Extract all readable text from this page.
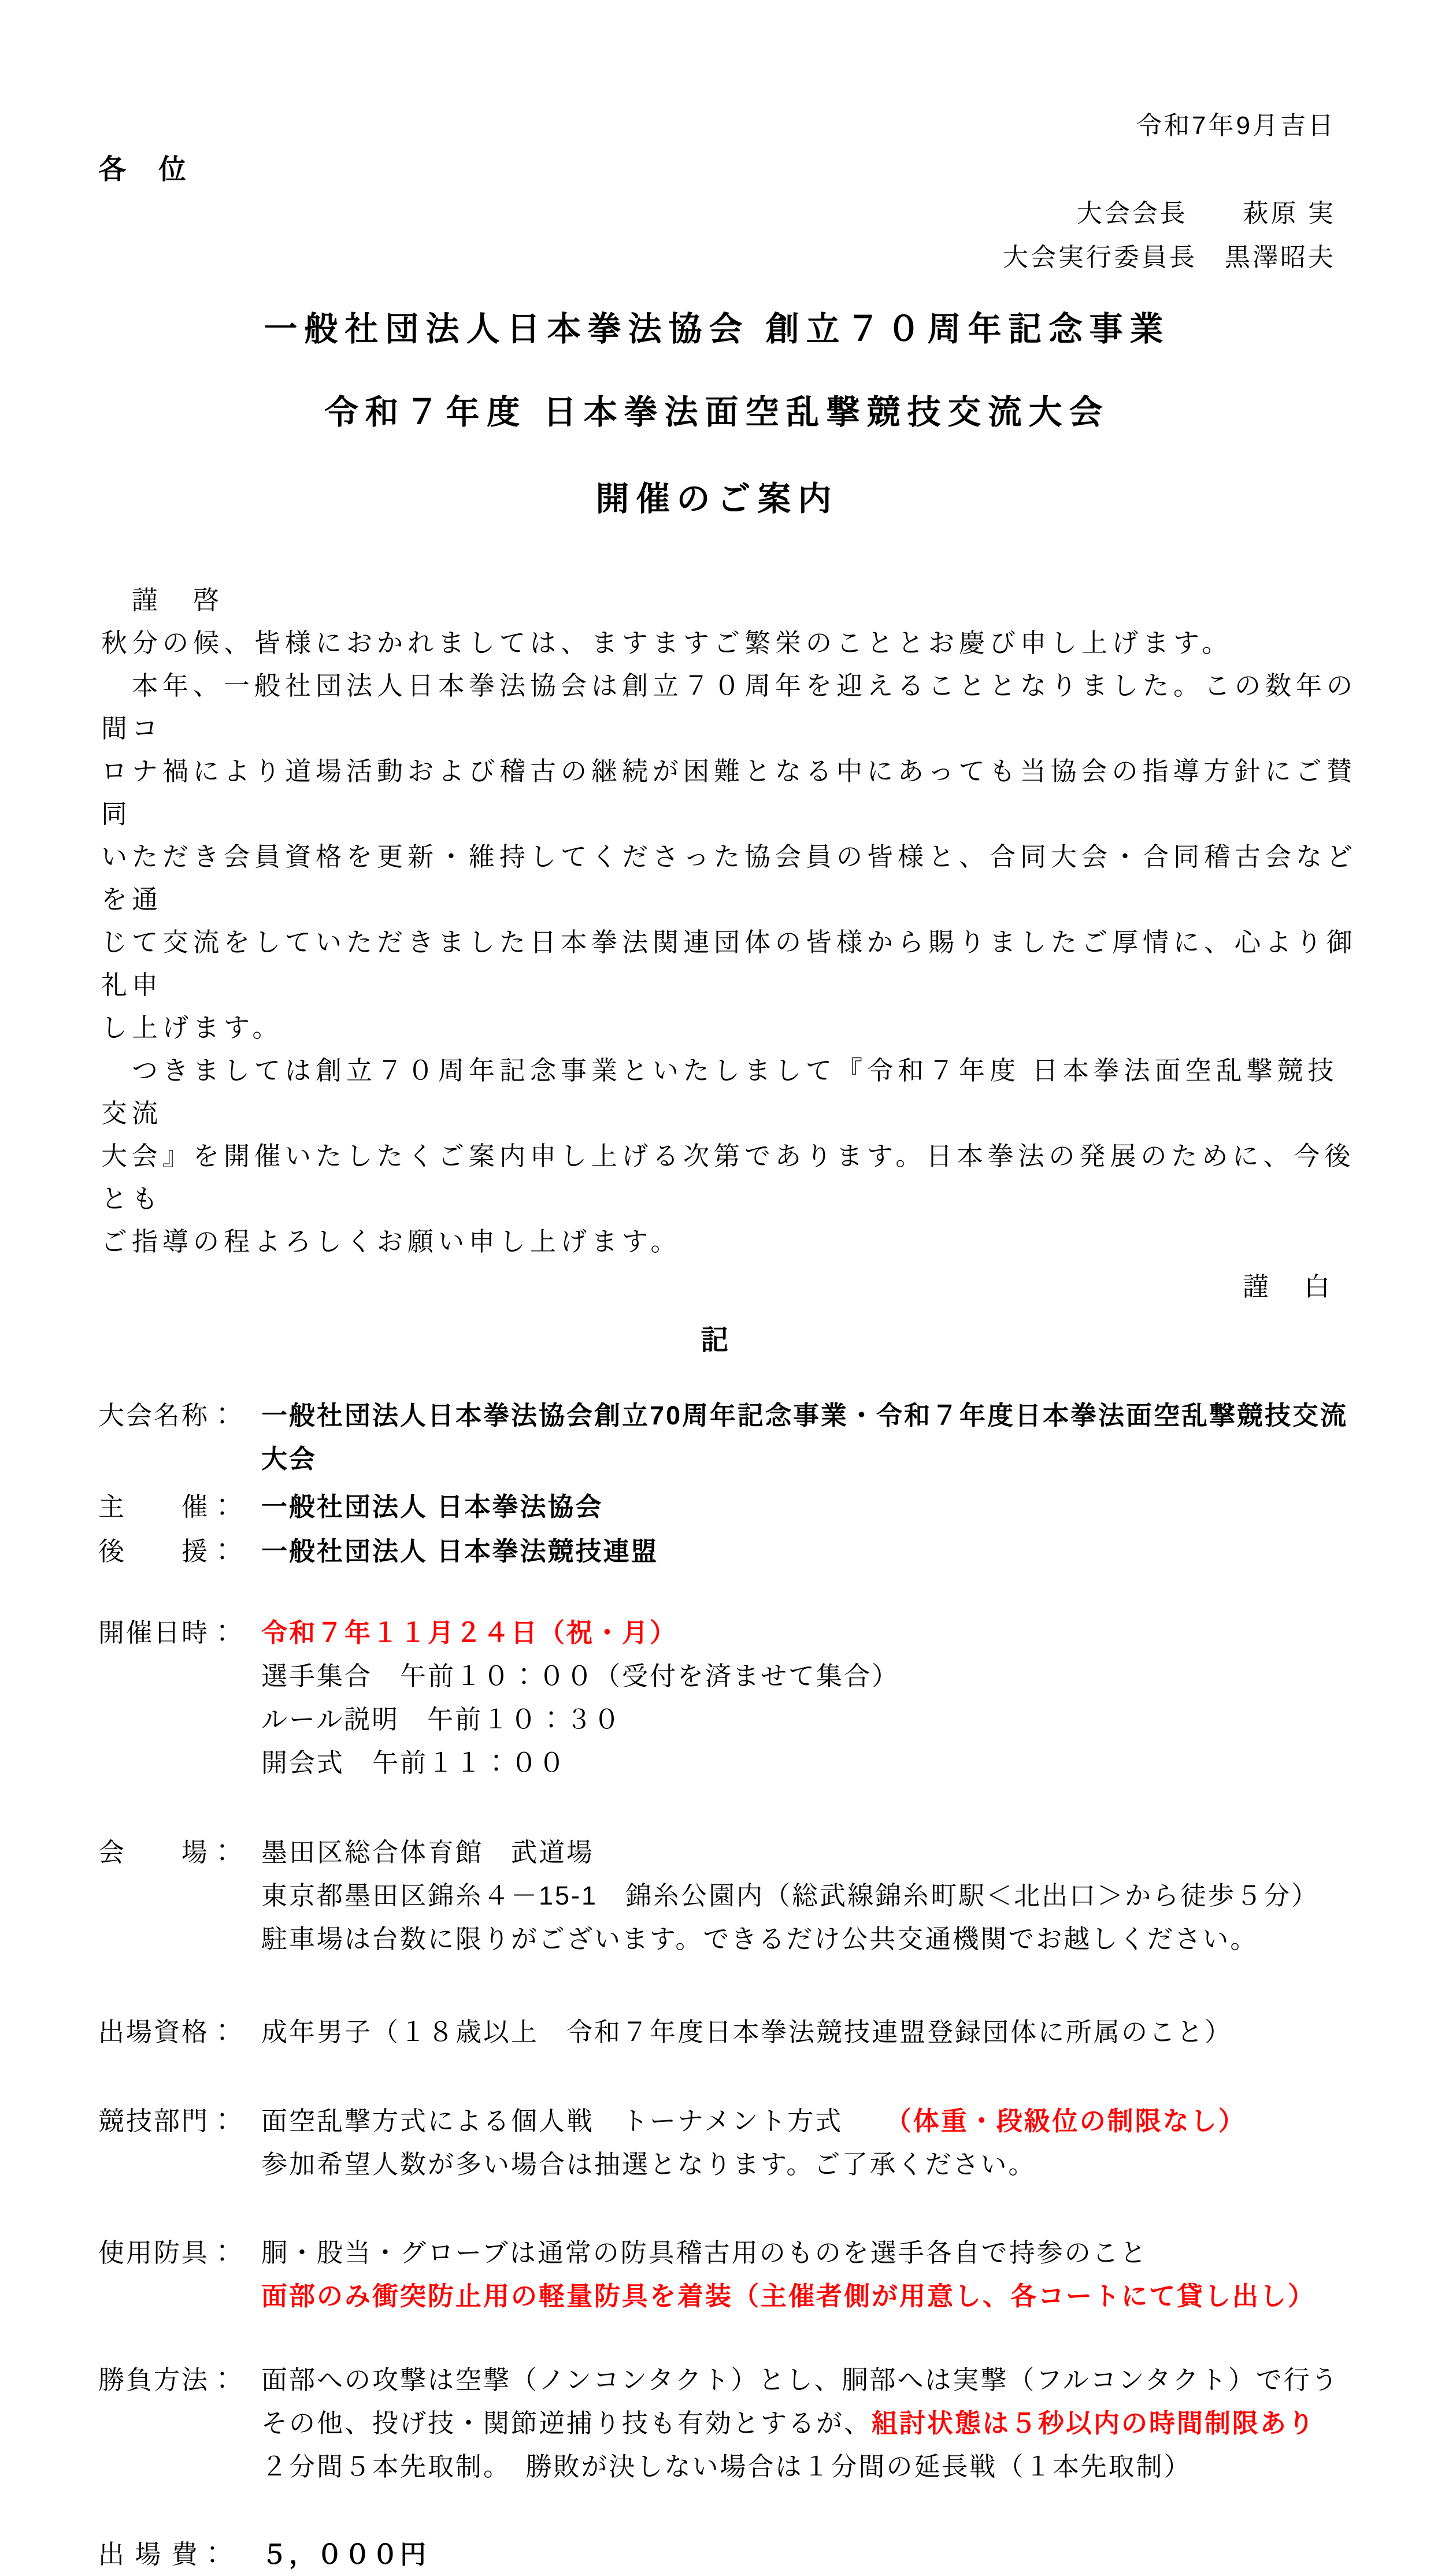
令和7年9月吉日
各　位
大会会長　　萩原 実
大会実行委員長　黒澤昭夫
一般社団法人日本拳法協会 創立７０周年記念事業
令和７年度 日本拳法面空乱撃競技交流大会
開催のご案内
　謹　啓
秋分の候、皆様におかれましては、ますますご繁栄のこととお慶び申し上げます。
　本年、一般社団法人日本拳法協会は創立７０周年を迎えることとなりました。この数年の間コ
ロナ禍により道場活動および稽古の継続が困難となる中にあっても当協会の指導方針にご賛同
いただき会員資格を更新・維持してくださった協会員の皆様と、合同大会・合同稽古会などを通
じて交流をしていただきました日本拳法関連団体の皆様から賜りましたご厚情に、心より御礼申
し上げます。
　つきましては創立７０周年記念事業といたしまして『令和７年度 日本拳法面空乱撃競技交流
大会』を開催いたしたくご案内申し上げる次第であります。日本拳法の発展のために、今後とも
ご指導の程よろしくお願い申し上げます。
謹　白
記
大会名称： 一般社団法人日本拳法協会創立70周年記念事業・令和７年度日本拳法面空乱撃競技交流大会
主　　催： 一般社団法人 日本拳法協会
後　　援： 一般社団法人 日本拳法競技連盟
開催日時： 令和７年１１月２４日（祝・月）
選手集合　午前１０：００（受付を済ませて集合）
ルール説明　午前１０：３０
開会式　午前１１：００
会　　場： 墨田区総合体育館　武道場
東京都墨田区錦糸４－15-1　錦糸公園内（総武線錦糸町駅＜北出口＞から徒歩５分）
駐車場は台数に限りがございます。できるだけ公共交通機関でお越しください。
出場資格： 成年男子（１８歳以上　令和７年度日本拳法競技連盟登録団体に所属のこと）
競技部門： 面空乱撃方式による個人戦　トーナメント方式　　（体重・段級位の制限なし）
参加希望人数が多い場合は抽選となります。ご了承ください。
使用防具： 胴・股当・グローブは通常の防具稽古用のものを選手各自で持参のこと
面部のみ衝突防止用の軽量防具を着装（主催者側が用意し、各コートにて貸し出し）
勝負方法： 面部への攻撃は空撃（ノンコンタクト）とし、胴部へは実撃（フルコンタクト）で行う
その他、投げ技・関節逆捕り技も有効とするが、組討状態は５秒以内の時間制限あり
２分間５本先取制。　勝敗が決しない場合は１分間の延長戦（１本先取制）
出 場 費：	５，０００円
